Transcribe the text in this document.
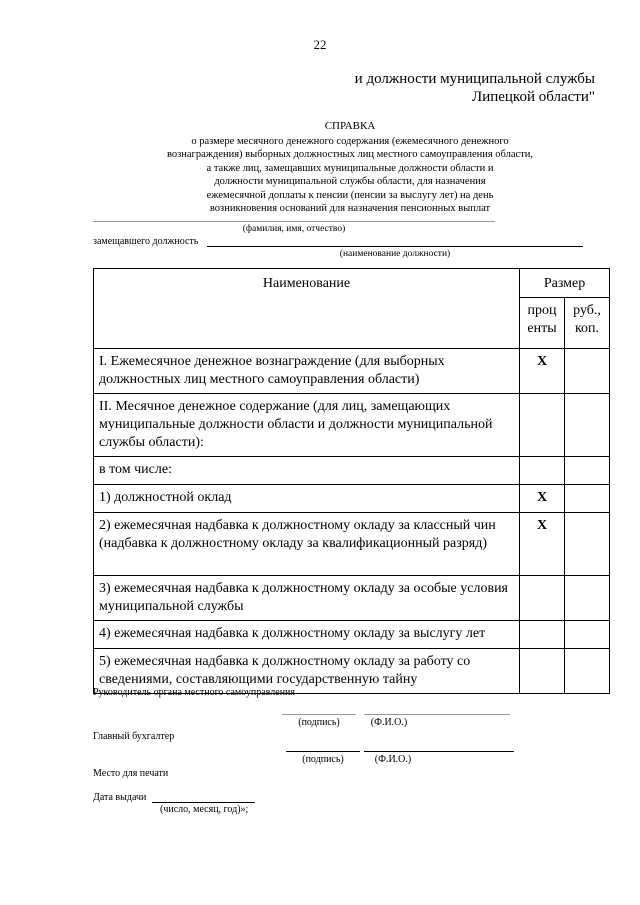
22
и должности муниципальной службы
Липецкой области"
СПРАВКА
о размере месячного денежного содержания (ежемесячного денежного
вознаграждения) выборных должностных лиц местного самоуправления области,
а также лиц, замещавших муниципальные должности области и
должности муниципальной службы области, для назначения
ежемесячной доплаты к пенсии (пенсии за выслугу лет) на день
возникновения оснований для назначения пенсионных выплат
(фамилия, имя, отчество)
замещавшего должность
(наименование должности)
Наименование	Размер	
	проц енты	руб., коп.
I. Ежемесячное денежное вознаграждение (для выборных должностных лиц местного самоуправления области)	X	
II. Месячное денежное содержание (для лиц, замещающих муниципальные должности области и должности муниципальной службы области):		
в том числе:		
1) должностной оклад	X	
2) ежемесячная надбавка к должностному окладу за классный чин (надбавка к должностному окладу за квалификационный разряд)	X	
3) ежемесячная надбавка к должностному окладу за особые условия муниципальной службы		
4) ежемесячная надбавка к должностному окладу за выслугу лет		
5) ежемесячная надбавка к должностному окладу за работу со сведениями, составляющими государственную тайну		
Руководитель органа местного самоуправления
(подпись)	(Ф.И.О.)
Главный бухгалтер
(подпись)	(Ф.И.О.)
Место для печати
Дата выдачи
(число, месяц, год)»;
